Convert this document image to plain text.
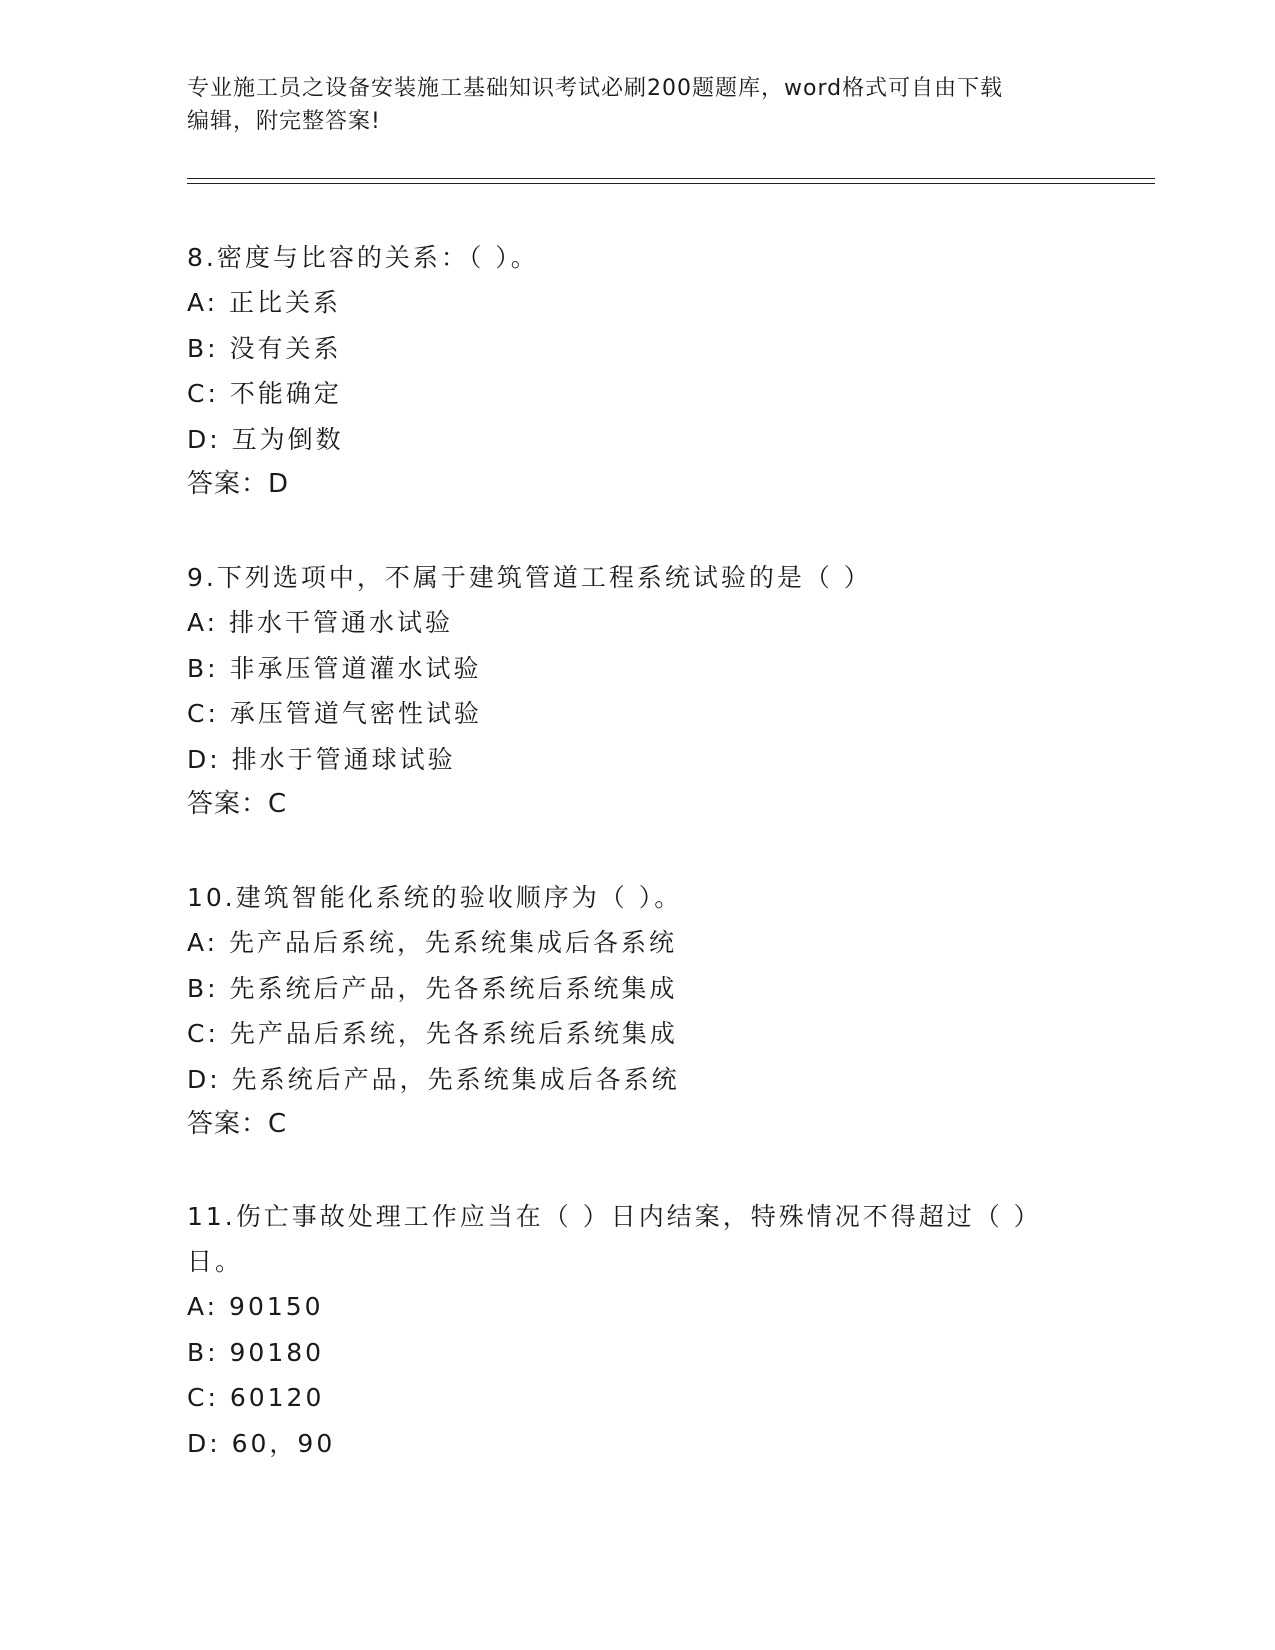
专业施工员之设备安装施工基础知识考试必刷200题题库，word格式可自由下载
编辑，附完整答案!
8.密度与比容的关系：（ ）。
A: 正比关系
B: 没有关系
C: 不能确定
D: 互为倒数
答案：D
9.下列选项中，不属于建筑管道工程系统试验的是（ ）
A: 排水干管通水试验
B: 非承压管道灌水试验
C: 承压管道气密性试验
D: 排水于管通球试验
答案：C
10.建筑智能化系统的验收顺序为（ ）。
A: 先产品后系统，先系统集成后各系统
B: 先系统后产品，先各系统后系统集成
C: 先产品后系统，先各系统后系统集成
D: 先系统后产品，先系统集成后各系统
答案：C
11.伤亡事故处理工作应当在（ ）日内结案，特殊情况不得超过（ ）
日。
A: 90150
B: 90180
C: 60120
D: 60，90
